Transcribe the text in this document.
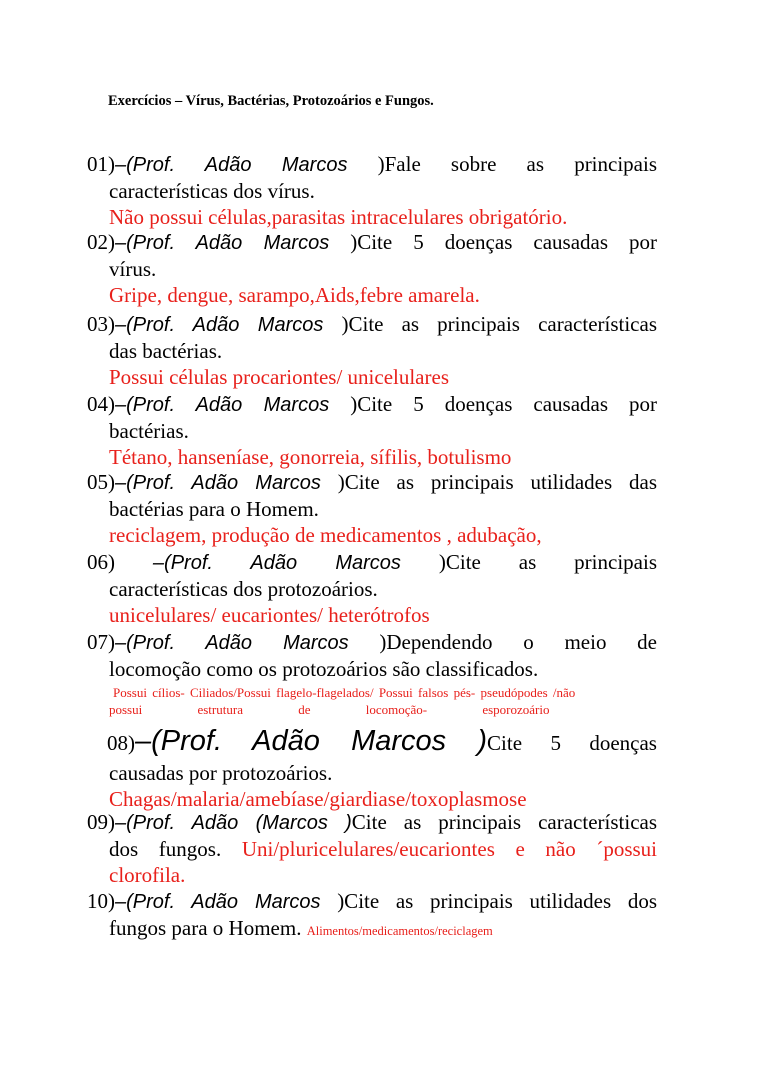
Exercícios – Vírus, Bactérias, Protozoários e Fungos.
01)–(Prof. Adão Marcos )Fale sobre as principais
características dos vírus.
Não possui células,parasitas intracelulares obrigatório.
02)–(Prof. Adão Marcos )Cite 5 doenças causadas por
vírus.
Gripe, dengue, sarampo,Aids,febre amarela.
03)–(Prof. Adão Marcos )Cite as principais características
das bactérias.
Possui células procariontes/ unicelulares
04)–(Prof. Adão Marcos )Cite 5 doenças causadas por
bactérias.
Tétano, hanseníase, gonorreia, sífilis, botulismo
05)–(Prof. Adão Marcos )Cite as principais utilidades das
bactérias para o Homem.
reciclagem, produção de medicamentos , adubação,
06) –(Prof. Adão Marcos )Cite as principais
características dos protozoários.
unicelulares/ eucariontes/ heterótrofos
07)–(Prof. Adão Marcos )Dependendo o meio de
locomoção como os protozoários são classificados.
Possui cílios- Ciliados/Possui flagelo-flagelados/ Possui falsos pés- pseudópodes /não
possui estrutura de locomoção- esporozoário
08)–(Prof. Adão Marcos )Cite 5 doenças
causadas por protozoários.
Chagas/malaria/amebíase/giardiase/toxoplasmose
09)–(Prof. Adão (Marcos )Cite as principais características
dos fungos. Uni/pluricelulares/eucariontes e não ´possui
clorofila.
10)–(Prof. Adão Marcos )Cite as principais utilidades dos
fungos para o Homem. Alimentos/medicamentos/reciclagem
